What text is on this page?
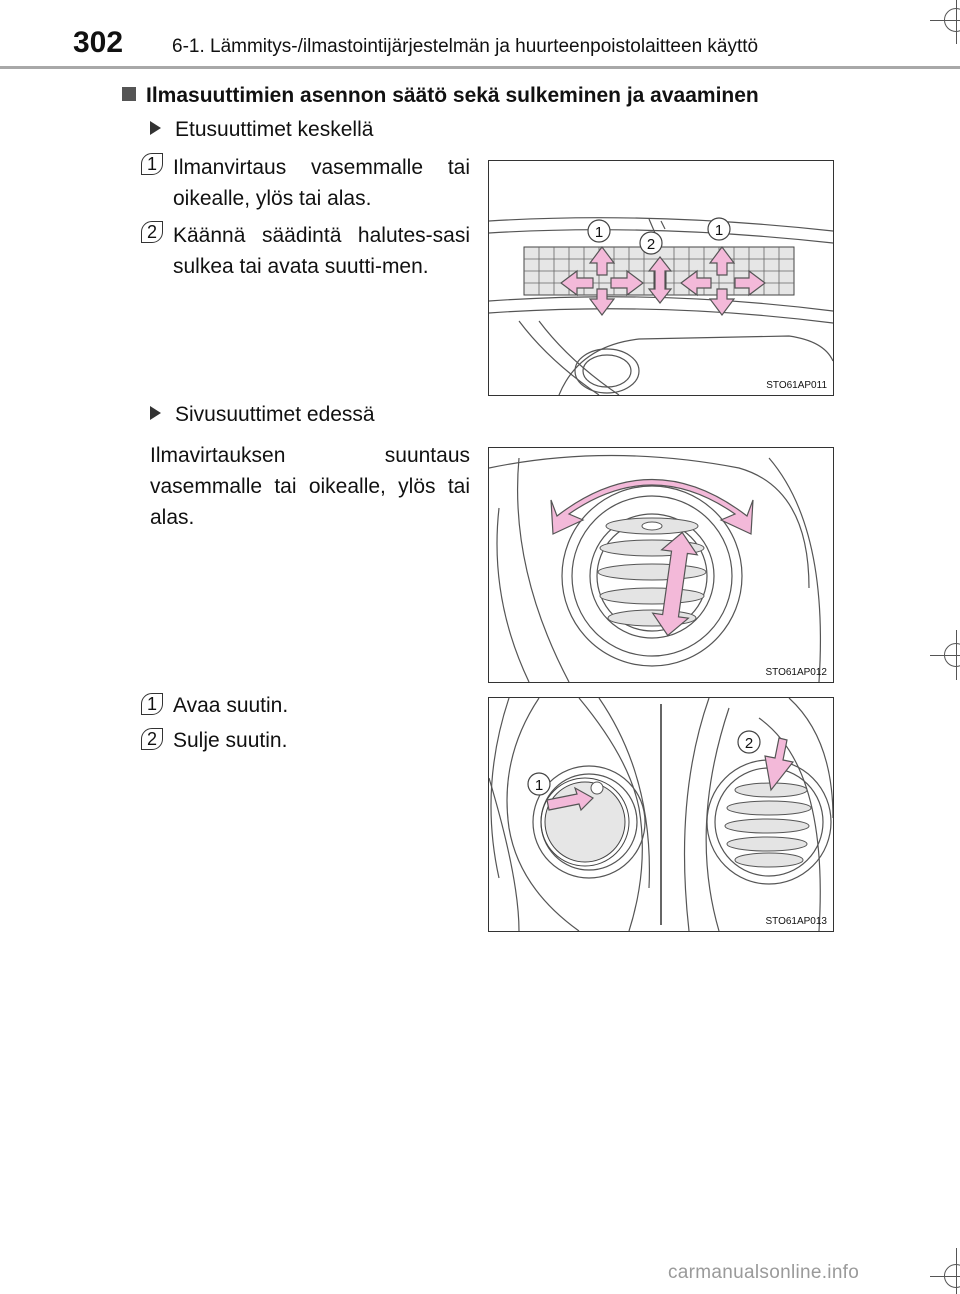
302	6-1. Lämmitys-/ilmastointijärjestelmän ja huurteenpoistolaitteen käyttö
Ilmasuuttimien asennon säätö sekä sulkeminen ja avaaminen
Etusuuttimet keskellä
1 Ilmanvirtaus vasemmalle tai oikealle, ylös tai alas.
2 Käännä säädintä halutes-sasi sulkea tai avata suutti-men.
1
2
1
STO61AP011
Sivusuuttimet edessä
Ilmavirtauksen suuntaus vasemmalle tai oikealle, ylös tai alas.
STO61AP012
1 Avaa suutin.
2 Sulje suutin.
1
2
STO61AP013
carmanualsonline.info
